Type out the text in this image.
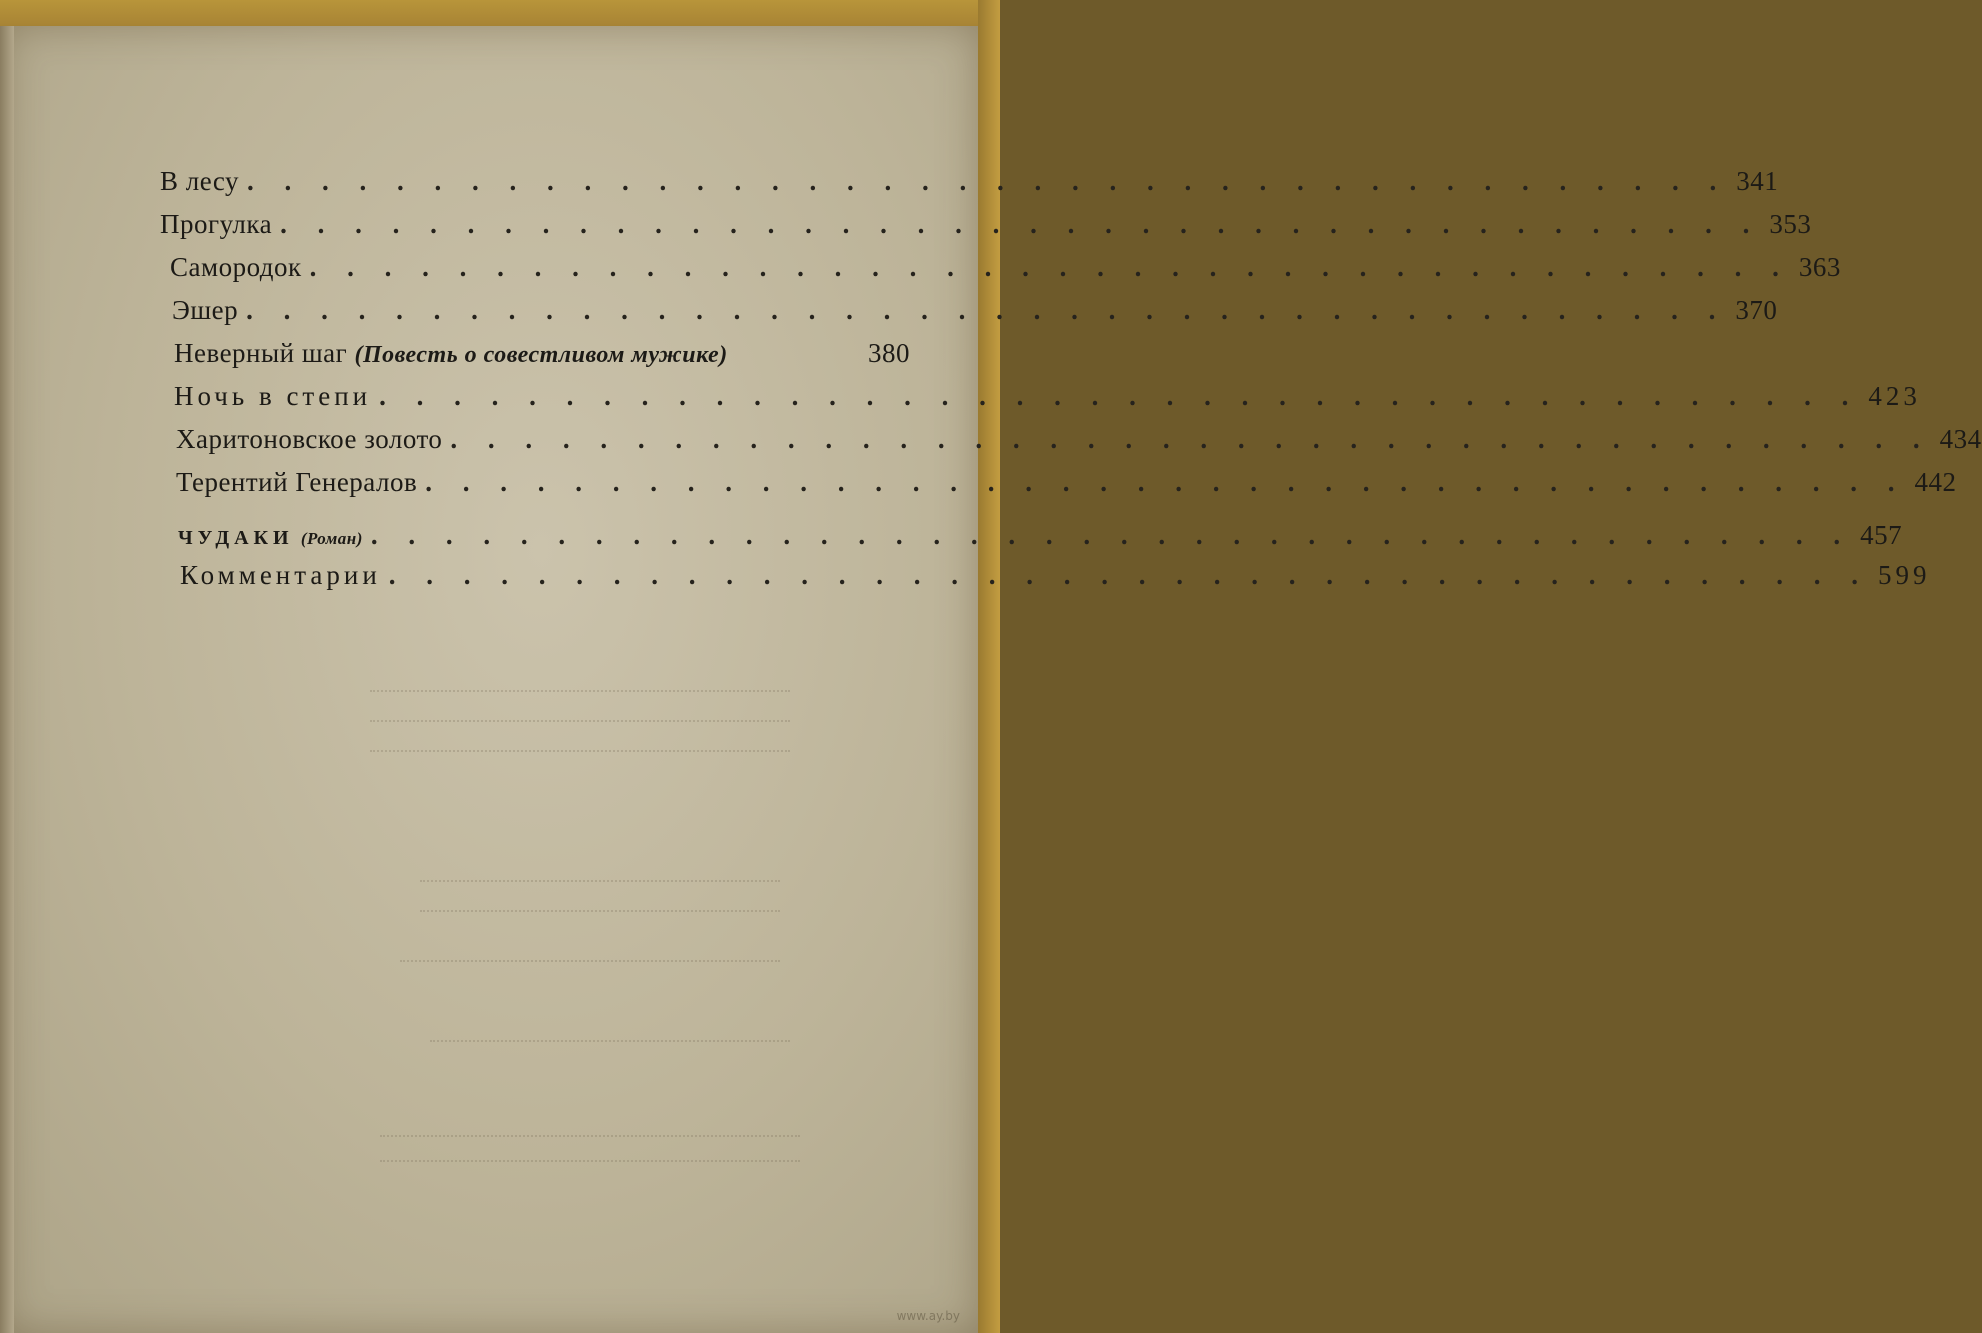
В лесу . . . . . . . . . . . . . . . . . . . . . . . . . . . . . . . . . . . . . . . . 341
Прогулка . . . . . . . . . . . . . . . . . . . . . . . . . . . . . . . . . . . . . . . . 353
Самородок . . . . . . . . . . . . . . . . . . . . . . . . . . . . . . . . . . . . . . . . 363
Эшер . . . . . . . . . . . . . . . . . . . . . . . . . . . . . . . . . . . . . . . . 370
Неверный шаг (Повесть о совестливом мужике)	380
Ночь в степи . . . . . . . . . . . . . . . . . . . . . . . . . . . . . . . . . . . . . . . . 423
Харитоновское золото . . . . . . . . . . . . . . . . . . . . . . . . . . . . . . . . . . . . . . . . 434
Терентий Генералов . . . . . . . . . . . . . . . . . . . . . . . . . . . . . . . . . . . . . . . . 442
ЧУДАКИ (Роман) . . . . . . . . . . . . . . . . . . . . . . . . . . . . . . . . . . . . . . . . 457
Комментарии . . . . . . . . . . . . . . . . . . . . . . . . . . . . . . . . . . . . . . . . 599
www.ay.by
